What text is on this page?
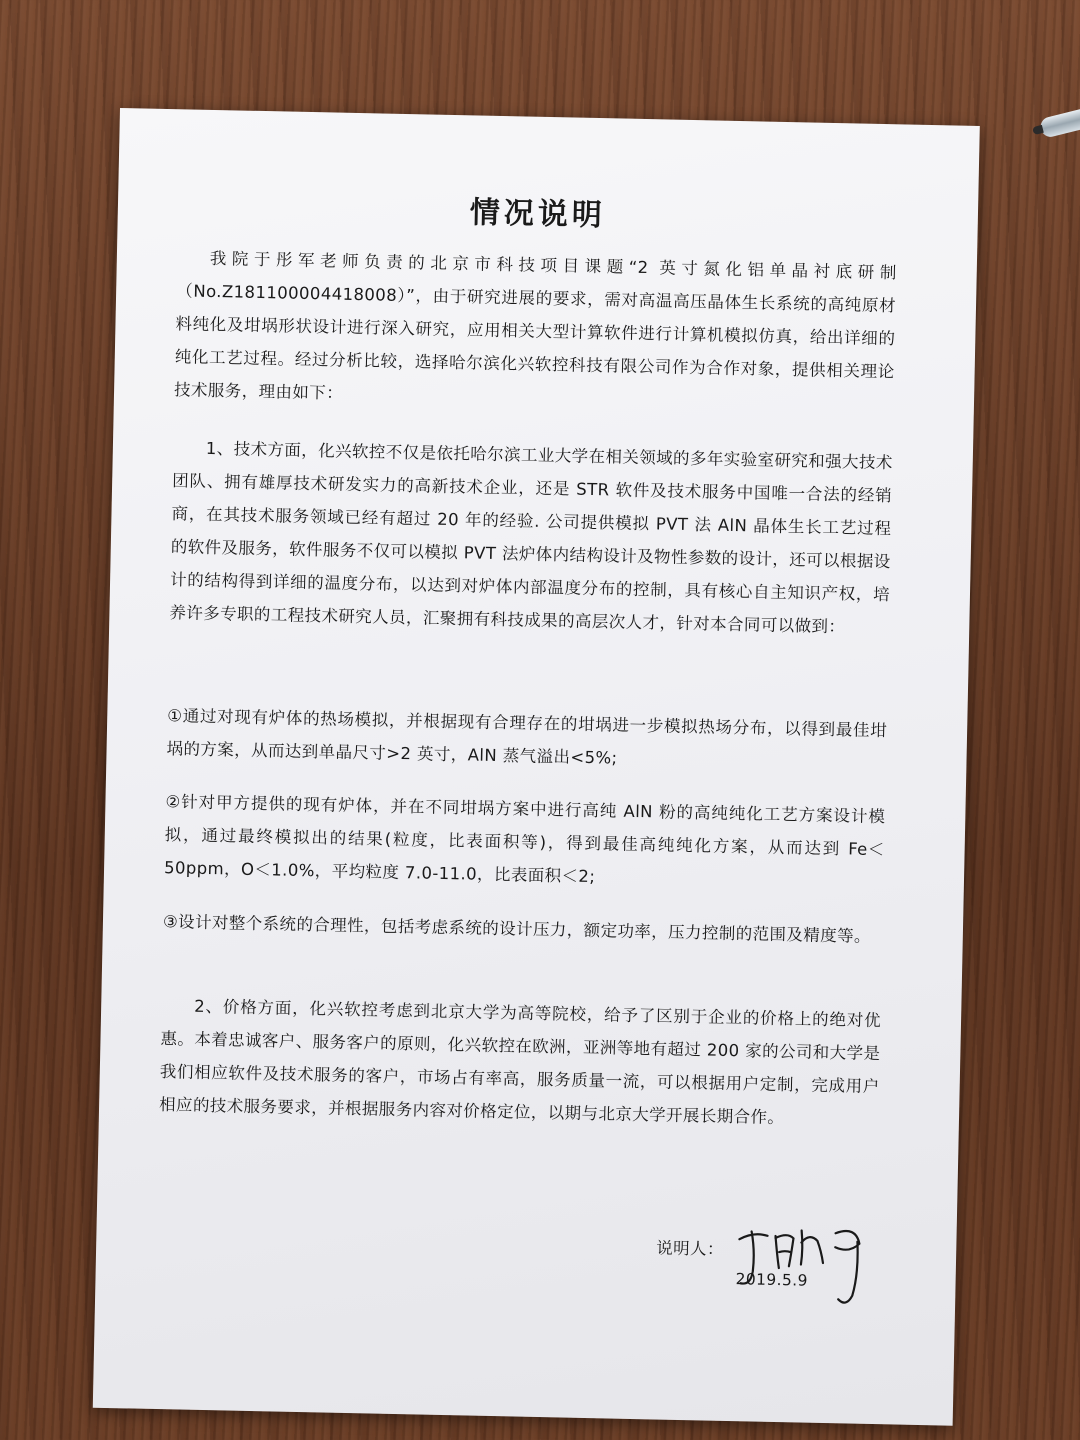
情况说明

我院于彤军老师负责的北京市科技项目课题“2 英寸氮化铝单晶衬底研制（No.Z181100004418008）”，由于研究进展的要求，需对高温高压晶体生长系统的高纯原材料纯化及坩埚形状设计进行深入研究，应用相关大型计算软件进行计算机模拟仿真，给出详细的纯化工艺过程。经过分析比较，选择哈尔滨化兴软控科技有限公司作为合作对象，提供相关理论技术服务，理由如下：

1、技术方面，化兴软控不仅是依托哈尔滨工业大学在相关领域的多年实验室研究和强大技术团队、拥有雄厚技术研发实力的高新技术企业，还是 STR 软件及技术服务中国唯一合法的经销商，在其技术服务领域已经有超过 20 年的经验. 公司提供模拟 PVT 法 AlN 晶体生长工艺过程的软件及服务，软件服务不仅可以模拟 PVT 法炉体内结构设计及物性参数的设计，还可以根据设计的结构得到详细的温度分布，以达到对炉体内部温度分布的控制，具有核心自主知识产权，培养许多专职的工程技术研究人员，汇聚拥有科技成果的高层次人才，针对本合同可以做到：

①通过对现有炉体的热场模拟，并根据现有合理存在的坩埚进一步模拟热场分布，以得到最佳坩埚的方案，从而达到单晶尺寸>2 英寸，AlN 蒸气溢出<5%;

②针对甲方提供的现有炉体，并在不同坩埚方案中进行高纯 AlN 粉的高纯纯化工艺方案设计模拟，通过最终模拟出的结果(粒度，比表面积等)，得到最佳高纯纯化方案，从而达到 Fe＜50ppm，O＜1.0%，平均粒度 7.0-11.0，比表面积＜2;

③设计对整个系统的合理性，包括考虑系统的设计压力，额定功率，压力控制的范围及精度等。

2、价格方面，化兴软控考虑到北京大学为高等院校，给予了区别于企业的价格上的绝对优惠。本着忠诚客户、服务客户的原则，化兴软控在欧洲，亚洲等地有超过 200 家的公司和大学是我们相应软件及技术服务的客户，市场占有率高，服务质量一流，可以根据用户定制，完成用户相应的技术服务要求，并根据服务内容对价格定位，以期与北京大学开展长期合作。

说明人：
2019.5.9
